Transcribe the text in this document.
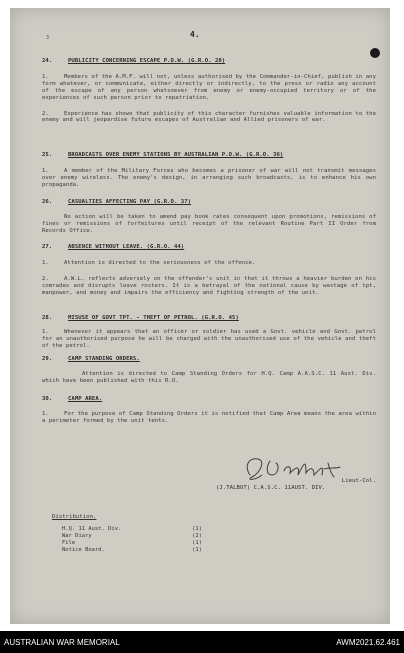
3	4.
24.	PUBLICITY CONCERNING ESCAPE P.O.W. (G.R.O. 28)
1.	Members of the A.M.F. will not, unless authorised by the Commander-in-Chief, publish in any form whatever, or communicate, either directly or indirectly, to the press or radio any account of the escape of any person whatsoever from enemy or enemy-occupied territory or of the experiences of such person prior to repatriation.
2.	Experience has shown that publicity of this character furnishes valuable information to the enemy and will jeopardise future escapes of Australian and Allied prisoners of war.
25.	BROADCASTS OVER ENEMY STATIONS BY AUSTRALIAN P.O.W. (G.R.O. 36)
1.	A member of the Military Forces who becomes a prisoner of war will not transmit messages over enemy wireless. The enemy's design, in arranging such broadcasts, is to enhance his own propaganda.
26.	CASUALTIES AFFECTING PAY (G.R.O. 37)
No action will be taken to amend pay book rates consequent upon promotions, remissions of fines or remissions of forfeitures until receipt of the relevant Routine Part II Order from Records Office.
27.	ABSENCE WITHOUT LEAVE. (G.R.O. 44)
1.	Attention is directed to the seriousness of the offence.
2.	A.W.L. reflects adversely on the offender's unit in that it throws a heavier burden on his comrades and disrupts leave rosters. It is a betrayal of the national cause by wastage of tpt, manpower, and money and impairs the efficiency and fighting strength of the unit.
28.	MISUSE OF GOVT TPT. - THEFT OF PETROL. (G.R.O. 45)
1.	Whenever it appears that an officer or soldier has used a Govt. vehicle and Govt. petrol for an unauthorised purpose he will be charged with the unauthorised use of the vehicle and theft of the petrol.
29.	CAMP STANDING ORDERS.
Attention is directed to Camp Standing Orders for H.Q. Camp A.A.S.C. 11 Aust. Div. which have been published with this R.O.
30.	CAMP AREA.
1.	For the purpose of Camp Standing Orders it is notified that Camp Area means the area within a perimeter formed by the unit tents.
Lieut-Col.
(J.TALBOT) C.A.S.C. 11AUST. DIV.
Distribution.
H.Q. 11 Aust. Div.	(1)
War Diary	(2)
File	(1)
Notice Board.	(1)
AUSTRALIAN WAR MEMORIAL	AWM2021.62.461
